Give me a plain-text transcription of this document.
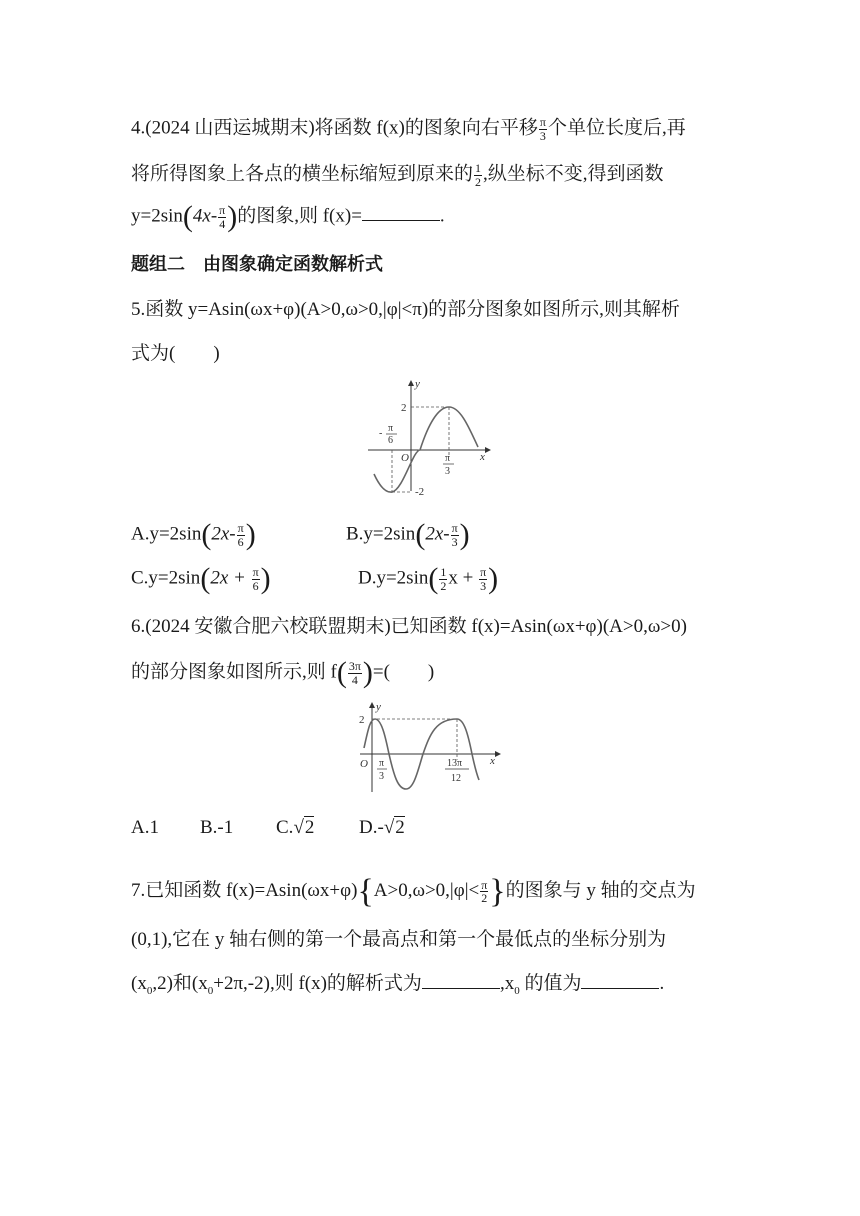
4.(2024 山西运城期末)将函数 f(x)的图象向右平移 $\frac{\pi}{3}$ 个单位长度后,再
将所得图象上各点的横坐标缩短到原来的 $\frac{1}{2}$ ,纵坐标不变,得到函数
$y=2\sin(4x- \frac{\pi}{4}$ )的图象,则 f(x)=	.
题组二　由图象确定函数解析式
5.函数 y=Asin(ωx+φ)(A>0,ω>0,|φ|<π)的部分图象如图所示,则其解析
式为(　　)
y
x
O
2
-2
- π
6
π
3
$A.y=2\sin(2x- \frac{\pi}{6}$ )	$B.y=2\sin(2x- \frac{\pi}{3}$ )
$C.y=2\sin(2x + \frac{\pi}{6}$ )	$D.y=2\sin( \frac{1}{2}$ $x + \frac{\pi}{3}$ )
6.(2024 安徽合肥六校联盟期末)已知函数 f(x)=Asin(ωx+φ)(A>0,ω>0)
的部分图象如图所示,则 $f( \frac{3\pi}{4}$ )=(　　)
y
x
O
2
π
3
13π
12
A.1 B.-1 C.√2 D.-√2
7.已知函数 $f(x)=Asin(\omega x+\varphi)\{A>0,\omega>0,|\varphi|< \frac{\pi}{2}$ }的图象与 y 轴的交点为
(0,1),它在 y 轴右侧的第一个最高点和第一个最低点的坐标分别为
$(x_0,2)$和$(x_0+2\pi,-2)$,则 f(x)的解析式为	$,x_0$ 的值为	.
